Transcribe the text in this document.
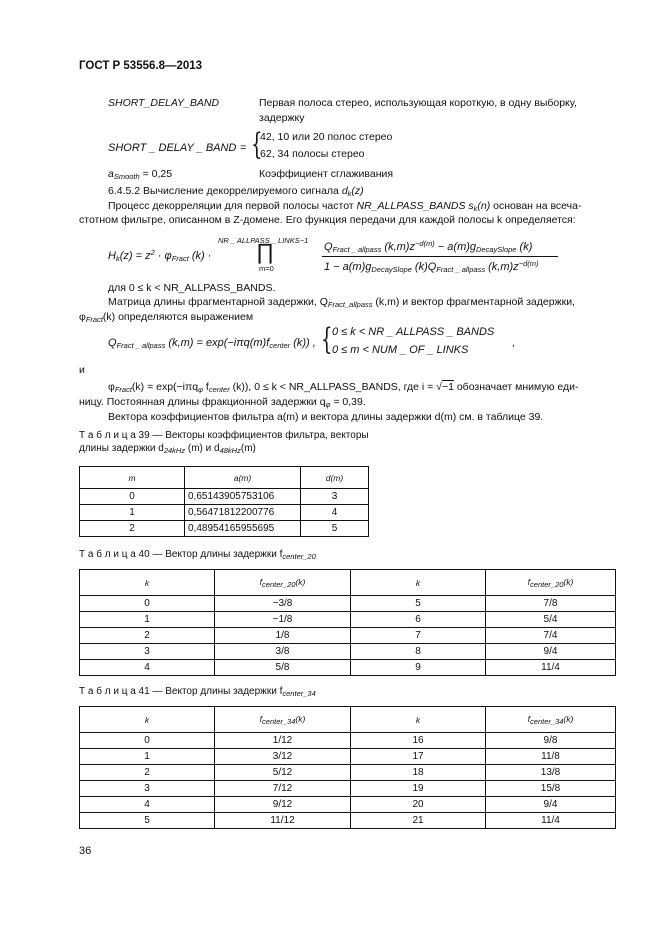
ГОСТ Р 53556.8—2013
SHORT_DELAY_BAND	Первая полоса стерео, использующая короткую, в одну выборку,
задержку
SHORT _ DELAY _ BAND = {
42, 10 или 20 полос стерео
62, 34 полосы стерео
$a_{Smooth} = 0,25$	Коэффициент сглаживания
6.4.5.2 Вычисление декоррелируемого сигнала $d_k(z)$
Процесс декорреляции для первой полосы частот NR_ALLPASS_BANDS $s_k(n)$ основан на всеча-
стотном фильтре, описанном в Z-домене. Его функция передачи для каждой полосы k определяется:
$H_k(z) = z^2 \cdot \varphi_{Fract}$ (k) ·
NR _ ALLPASS _ LINKS−1
∏
m=0
$Q_{Fract \_ allpass}$ $(k,m)z^{-d(m)} - a(m)g_{DecaySlope}$ (k)
$1 - a(m)g_{DecaySlope}$ $(k)Q_{Fract \_ allpass}$ $(k,m)z^{-d(m)}$
для 0 ≤ k < NR_ALLPASS_BANDS.
Матрица длины фрагментарной задержки, $Q_{Fract\_allpass}$ (k,m) и вектор фрагментарной задержки,
$\varphi_{Fract}(k)$ определяются выражением
$Q_{Fract \_ allpass}$ $(k,m) = \exp(-i\pi q(m)f_{center}$ (k)) , { 0 ≤ k < NR _ ALLPASS _ BANDS
0 ≤ m < NUM _ OF _ LINKS
,
и
$\varphi_{Fract}(k) = \exp(-i\pi q_\varphi$ $f_{center}$ (k)), 0 ≤ k < NR_ALLPASS_BANDS, где i = √−1 обозначает мнимую еди-
ницу. Постоянная длины фракционной задержки $q_\varphi = 0,39$.
Вектора коэффициентов фильтра a(m) и вектора длины задержки d(m) см. в таблице 39.
Т а б л и ц а 39 — Векторы коэффициентов фильтра, векторы
длины задержки $d_{24kHz}$ (m) и $d_{48kHz}(m)$
m	a(m)	d(m)
0	0,65143905753106	3
1	0,56471812200776	4
2	0,48954165955695	5
Т а б л и ц а 40 — Вектор длины задержки $f_{center\_20}$
k	$f_{center\_20}(k)$	k	$f_{center\_20}(k)$
0	−3/8	5	7/8
1	−1/8	6	5/4
2	1/8	7	7/4
3	3/8	8	9/4
4	5/8	9	11/4
Т а б л и ц а 41 — Вектор длины задержки $f_{center\_34}$
k	$f_{center\_34}(k)$	k	$f_{center\_34}(k)$
0	1/12	16	9/8
1	3/12	17	11/8
2	5/12	18	13/8
3	7/12	19	15/8
4	9/12	20	9/4
5	11/12	21	11/4
36
